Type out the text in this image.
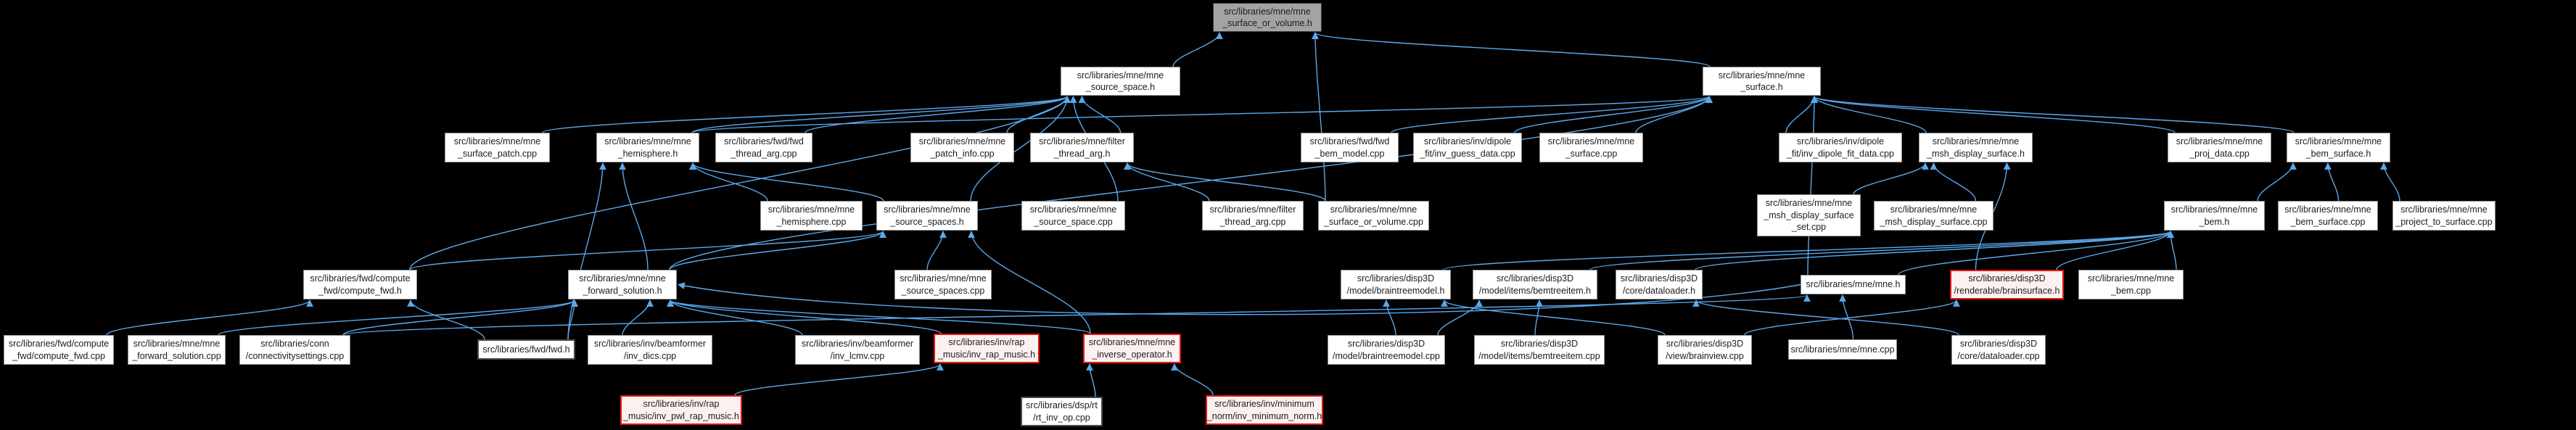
src/libraries/mne/mne
_surface_or_volume.h
src/libraries/mne/mne
_source_space.h
src/libraries/mne/mne
_surface.h
src/libraries/mne/mne
_surface_patch.cpp
src/libraries/mne/mne
_hemisphere.h
src/libraries/fwd/fwd
_thread_arg.cpp
src/libraries/mne/mne
_patch_info.cpp
src/libraries/mne/filter
_thread_arg.h
src/libraries/fwd/fwd
_bem_model.cpp
src/libraries/inv/dipole
_fit/inv_guess_data.cpp
src/libraries/mne/mne
_surface.cpp
src/libraries/inv/dipole
_fit/inv_dipole_fit_data.cpp
src/libraries/mne/mne
_msh_display_surface.h
src/libraries/mne/mne
_proj_data.cpp
src/libraries/mne/mne
_bem_surface.h
src/libraries/mne/mne
_hemisphere.cpp
src/libraries/mne/mne
_source_spaces.h
src/libraries/mne/mne
_source_space.cpp
src/libraries/mne/filter
_thread_arg.cpp
src/libraries/mne/mne
_surface_or_volume.cpp
src/libraries/mne/mne
_msh_display_surface
_set.cpp
src/libraries/mne/mne
_msh_display_surface.cpp
src/libraries/mne/mne
_bem.h
src/libraries/mne/mne
_bem_surface.cpp
src/libraries/mne/mne
_project_to_surface.cpp
src/libraries/fwd/compute
_fwd/compute_fwd.h
src/libraries/mne/mne
_forward_solution.h
src/libraries/mne/mne
_source_spaces.cpp
src/libraries/disp3D
/model/braintreemodel.h
src/libraries/disp3D
/model/items/bemtreeitem.h
src/libraries/disp3D
/core/dataloader.h
src/libraries/mne/mne.h
src/libraries/disp3D
/renderable/brainsurface.h
src/libraries/mne/mne
_bem.cpp
src/libraries/fwd/compute
_fwd/compute_fwd.cpp
src/libraries/mne/mne
_forward_solution.cpp
src/libraries/conn
/connectivitysettings.cpp
src/libraries/fwd/fwd.h
src/libraries/inv/beamformer
/inv_dics.cpp
src/libraries/inv/beamformer
/inv_lcmv.cpp
src/libraries/inv/rap
_music/inv_rap_music.h
src/libraries/mne/mne
_inverse_operator.h
src/libraries/disp3D
/model/braintreemodel.cpp
src/libraries/disp3D
/model/items/bemtreeitem.cpp
src/libraries/disp3D
/view/brainview.cpp
src/libraries/mne/mne.cpp
src/libraries/disp3D
/core/dataloader.cpp
src/libraries/inv/rap
_music/inv_pwl_rap_music.h
src/libraries/dsp/rt
/rt_inv_op.cpp
src/libraries/inv/minimum
_norm/inv_minimum_norm.h
